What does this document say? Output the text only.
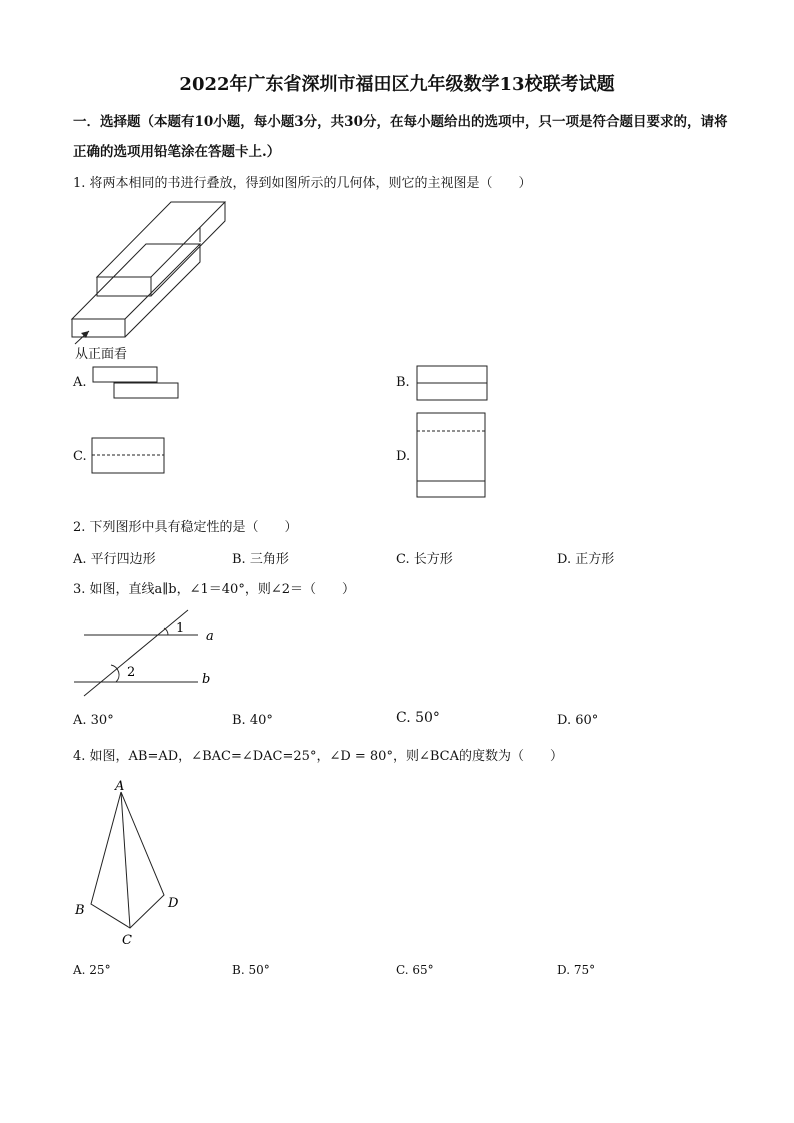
2022年广东省深圳市福田区九年级数学13校联考试题
一．选择题（本题有10小题，每小题3分，共30分，在每小题给出的选项中，只一项是符合题目要求的，请将正确的选项用铅笔涂在答题卡上.）
1. 将两本相同的书进行叠放，得到如图所示的几何体，则它的主视图是（　　）
从正面看
A.	B.
C.	D.
2. 下列图形中具有稳定性的是（　　）
A. 平行四边形	B. 三角形	C. 长方形	D. 正方形
3. 如图，直线a∥b，∠1＝40°，则∠2＝（　　）
1
2
a
b
A. 30°	B. 40°	C. 50°	D. 60°
4. 如图，AB=AD，∠BAC=∠DAC=25°，∠D = 80°，则∠BCA的度数为（　　）
A
B
C
D
A. 25°	B. 50°	C. 65°	D. 75°
